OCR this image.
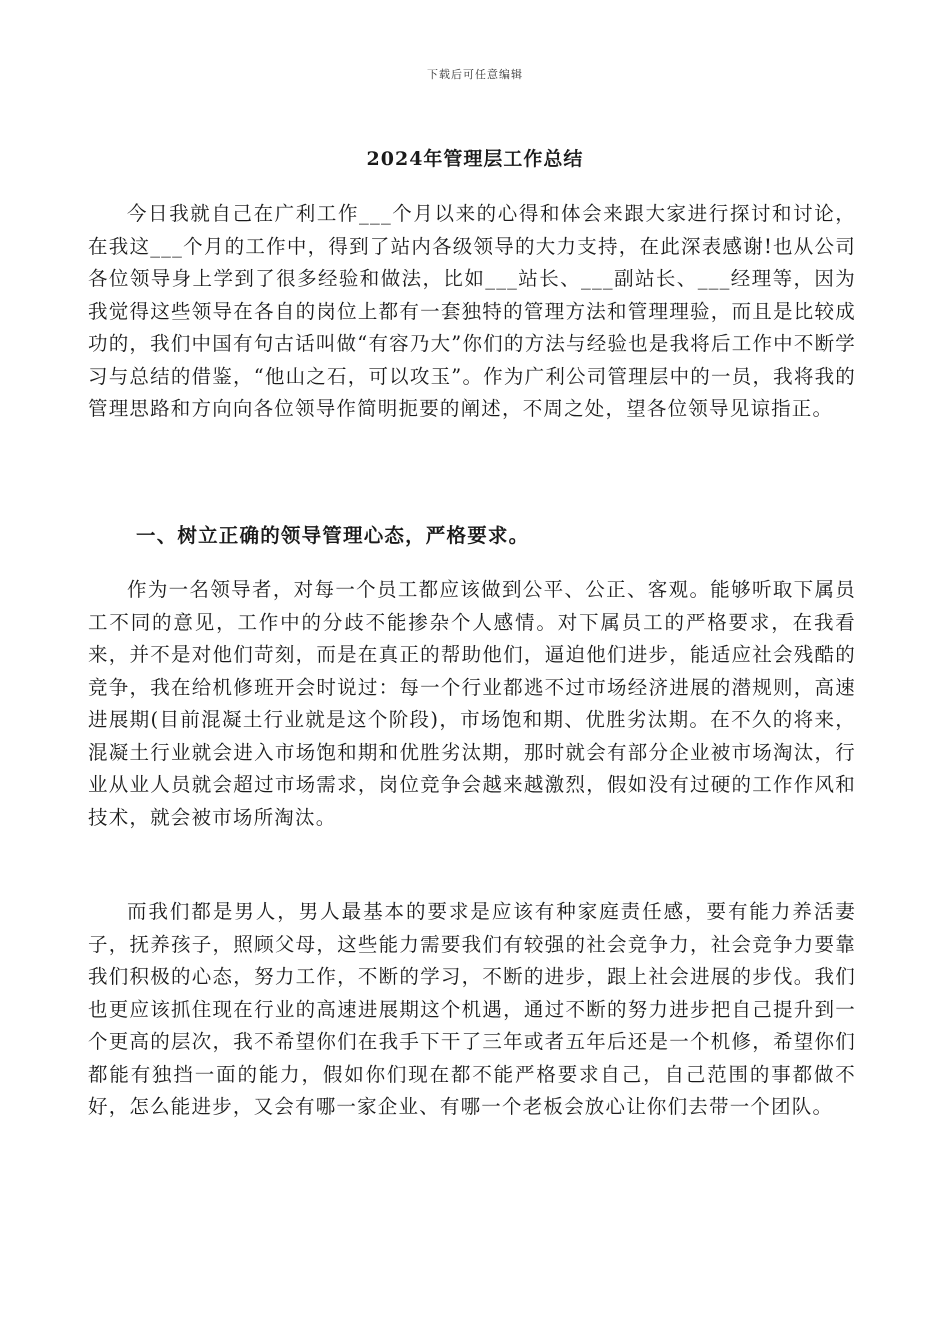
下载后可任意编辑
2024年管理层工作总结

今日我就自己在广利工作___个月以来的心得和体会来跟大家进行探讨和讨论，在我这___个月的工作中，得到了站内各级领导的大力支持，在此深表感谢!也从公司各位领导身上学到了很多经验和做法，比如___站长、___副站长、___经理等，因为我觉得这些领导在各自的岗位上都有一套独特的管理方法和管理理验，而且是比较成功的，我们中国有句古话叫做“有容乃大”你们的方法与经验也是我将后工作中不断学习与总结的借鉴，“他山之石，可以攻玉”。作为广利公司管理层中的一员，我将我的管理思路和方向向各位领导作简明扼要的阐述，不周之处，望各位领导见谅指正。

一、树立正确的领导管理心态，严格要求。

作为一名领导者，对每一个员工都应该做到公平、公正、客观。能够听取下属员工不同的意见，工作中的分歧不能掺杂个人感情。对下属员工的严格要求，在我看来，并不是对他们苛刻，而是在真正的帮助他们，逼迫他们进步，能适应社会残酷的竞争，我在给机修班开会时说过：每一个行业都逃不过市场经济进展的潜规则，高速进展期(目前混凝土行业就是这个阶段)，市场饱和期、优胜劣汰期。在不久的将来，混凝土行业就会进入市场饱和期和优胜劣汰期，那时就会有部分企业被市场淘汰，行业从业人员就会超过市场需求，岗位竞争会越来越激烈，假如没有过硬的工作作风和技术，就会被市场所淘汰。

而我们都是男人，男人最基本的要求是应该有种家庭责任感，要有能力养活妻子，抚养孩子，照顾父母，这些能力需要我们有较强的社会竞争力，社会竞争力要靠我们积极的心态，努力工作，不断的学习，不断的进步，跟上社会进展的步伐。我们也更应该抓住现在行业的高速进展期这个机遇，通过不断的努力进步把自己提升到一个更高的层次，我不希望你们在我手下干了三年或者五年后还是一个机修，希望你们都能有独挡一面的能力，假如你们现在都不能严格要求自己，自己范围的事都做不好，怎么能进步，又会有哪一家企业、有哪一个老板会放心让你们去带一个团队。
